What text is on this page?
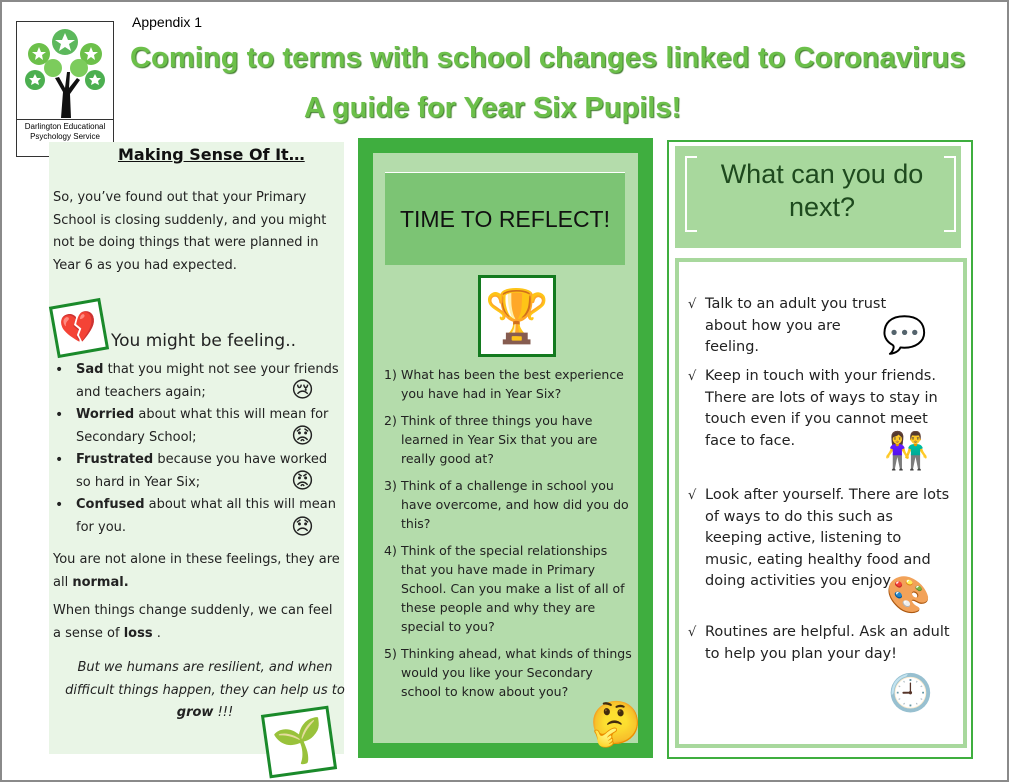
Appendix 1
Darlington Educational Psychology Service
Coming to terms with school changes linked to Coronavirus
A guide for Year Six Pupils!
Making Sense Of It…
So, you’ve found out that your Primary School is closing suddenly, and you might not be doing things that were planned in Year 6 as you had expected.
💔 You might be feeling..
• Sad that you might not see your friends and teachers again;
• Worried about what this will mean for Secondary School;
• Frustrated because you have worked so hard in Year Six;
• Confused about what all this will mean for you.
😢
😟
😡
😞
You are not alone in these feelings, they are all normal.
When things change suddenly, we can feel a sense of loss .
But we humans are resilient, and when difficult things happen, they can help us to grow !!!
🌱
TIME TO REFLECT!
🏆
1) What has been the best experience you have had in Year Six?
2) Think of three things you have learned in Year Six that you are really good at?
3) Think of a challenge in school you have overcome, and how did you do this?
4) Think of the special relationships that you have made in Primary School. Can you make a list of all of these people and why they are special to you?
5) Thinking ahead, what kinds of things would you like your Secondary school to know about you?
🤔
What can you do next?
√ Talk to an adult you trust about how you are feeling.	💬
√ Keep in touch with your friends. There are lots of ways to stay in touch even if you cannot meet face to face.	👫
√ Look after yourself. There are lots of ways to do this such as keeping active, listening to music, eating healthy food and doing activities you enjoy.
🎨
√ Routines are helpful. Ask an adult to help you plan your day!
🕘
